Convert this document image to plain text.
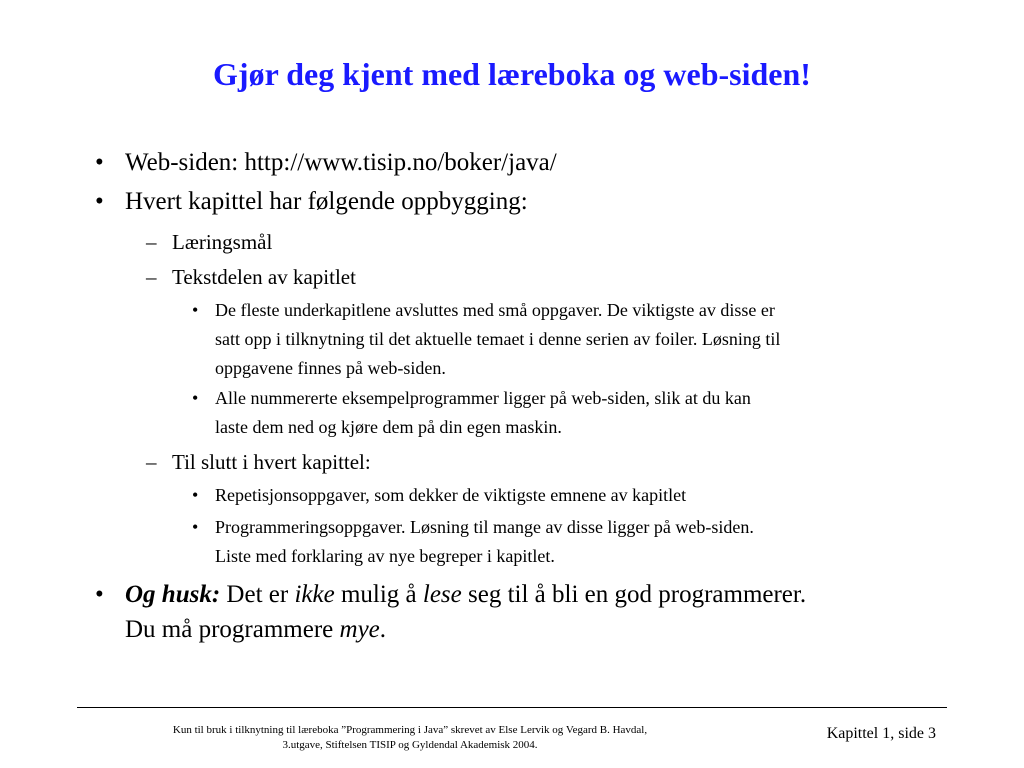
Gjør deg kjent med læreboka og web-siden!
• Web-siden: http://www.tisip.no/boker/java/
• Hvert kapittel har følgende oppbygging:
– Læringsmål
– Tekstdelen av kapitlet
• De fleste underkapitlene avsluttes med små oppgaver. De viktigste av disse er
satt opp i tilknytning til det aktuelle temaet i denne serien av foiler. Løsning til
oppgavene finnes på web-siden.
• Alle nummererte eksempelprogrammer ligger på web-siden, slik at du kan
laste dem ned og kjøre dem på din egen maskin.
– Til slutt i hvert kapittel:
• Repetisjonsoppgaver, som dekker de viktigste emnene av kapitlet
• Programmeringsoppgaver. Løsning til mange av disse ligger på web-siden.
Liste med forklaring av nye begreper i kapitlet.
• Og husk: Det er ikke mulig å lese seg til å bli en god programmerer.
Du må programmere mye.
Kun til bruk i tilknytning til læreboka ”Programmering i Java” skrevet av Else Lervik og Vegard B. Havdal,
3.utgave, Stiftelsen TISIP og Gyldendal Akademisk 2004.
Kapittel 1, side 3
